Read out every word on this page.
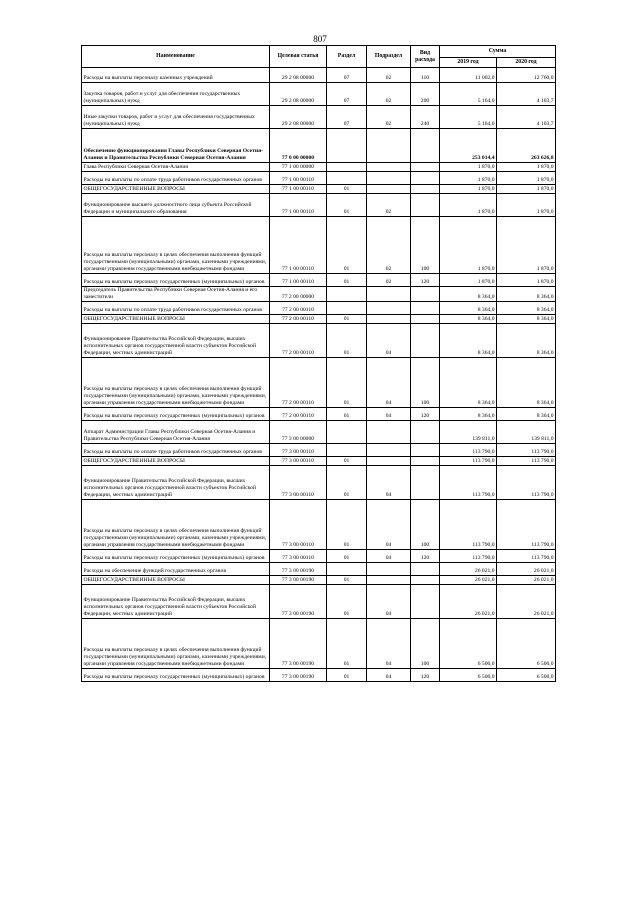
807
Наименование	Целевая статья	Раздел	Подраздел	Вид расхода	Сумма	
					2019 год	2020 год
Расходы на выплаты персоналу казенных учреждений	29 2 08 00000	07	02	110	11 002,0	12 760,0
Закупка товаров, работ и услуг для обеспечения государственных (муниципальных) нужд	29 2 08 00000	07	02	200	5 164,0	4 103,7
Иные закупки товаров, работ и услуг для обеспечения государственных (муниципальных) нужд	29 2 08 00000	07	02	240	5 164,0	4 103,7
Обеспечение функционирования Главы Республики Северная Осетия-Алания и Правительства Республики Северная Осетия-Алания	77 0 00 00000				253 014,4	263 626,8
Глава Республики Северная Осетия-Алания	77 1 00 00000				1 870,0	1 870,0
Расходы на выплаты по оплате труда работников государственных органов	77 1 00 00110				1 870,0	1 870,0
ОБЩЕГОСУДАРСТВЕННЫЕ ВОПРОСЫ	77 1 00 00110	01			1 870,0	1 870,0
Функционирование высшего должностного лица субъекта Российской Федерации и муниципального образования	77 1 00 00110	01	02		1 870,0	1 870,0
Расходы на выплаты персоналу в целях обеспечения выполнения функций государственными (муниципальными) органами, казенными учреждениями, органами управления государственными внебюджетными фондами	77 1 00 00110	01	02	100	1 870,0	1 870,0
Расходы на выплаты персоналу государственных (муниципальных) органов	77 1 00 00110	01	02	120	1 870,0	1 870,0
Председатель Правительства Республики Северная Осетия-Алания и его заместители	77 2 00 00000				8 364,0	8 364,0
Расходы на выплаты по оплате труда работников государственных органов	77 2 00 00110				8 364,0	8 364,0
ОБЩЕГОСУДАРСТВЕННЫЕ ВОПРОСЫ	77 2 00 00110	01			8 364,0	8 364,0
Функционирование Правительства Российской Федерации, высших исполнительных органов государственной власти субъектов Российской Федерации, местных администраций	77 2 00 00110	01	04		8 364,0	8 364,0
Расходы на выплаты персоналу в целях обеспечения выполнения функций государственными (муниципальными) органами, казенными учреждениями, органами управления государственными внебюджетными фондами	77 2 00 00110	01	04	100	8 364,0	8 364,0
Расходы на выплаты персоналу государственных (муниципальных) органов	77 2 00 00110	01	04	120	8 364,0	8 364,0
Аппарат Администрации Главы Республики Северная Осетия-Алания и Правительства Республики Северная Осетия-Алания	77 3 00 00000				139 811,0	139 811,0
Расходы на выплаты по оплате труда работников государственных органов	77 3 00 00110				113 790,0	113 790,0
ОБЩЕГОСУДАРСТВЕННЫЕ ВОПРОСЫ	77 3 00 00110	01			113 790,0	113 790,0
Функционирование Правительства Российской Федерации, высших исполнительных органов государственной власти субъектов Российской Федерации, местных администраций	77 3 00 00110	01	04		113 790,0	113 790,0
Расходы на выплаты персоналу в целях обеспечения выполнения функций государственными (муниципальными) органами, казенными учреждениями, органами управления государственными внебюджетными фондами	77 3 00 00110	01	04	100	113 790,0	113 790,0
Расходы на выплаты персоналу государственных (муниципальных) органов	77 3 00 00110	01	04	120	113 790,0	113 790,0
Расходы на обеспечение функций государственных органов	77 3 00 00190				26 021,0	26 021,0
ОБЩЕГОСУДАРСТВЕННЫЕ ВОПРОСЫ	77 3 00 00190	01			26 021,0	26 021,0
Функционирование Правительства Российской Федерации, высших исполнительных органов государственной власти субъектов Российской Федерации, местных администраций	77 3 00 00190	01	04		26 021,0	26 021,0
Расходы на выплаты персоналу в целях обеспечения выполнения функций государственными (муниципальными) органами, казенными учреждениями, органами управления государственными внебюджетными фондами	77 3 00 00190	01	04	100	6 500,0	6 500,0
Расходы на выплаты персоналу государственных (муниципальных) органов	77 3 00 00190	01	04	120	6 500,0	6 500,0
